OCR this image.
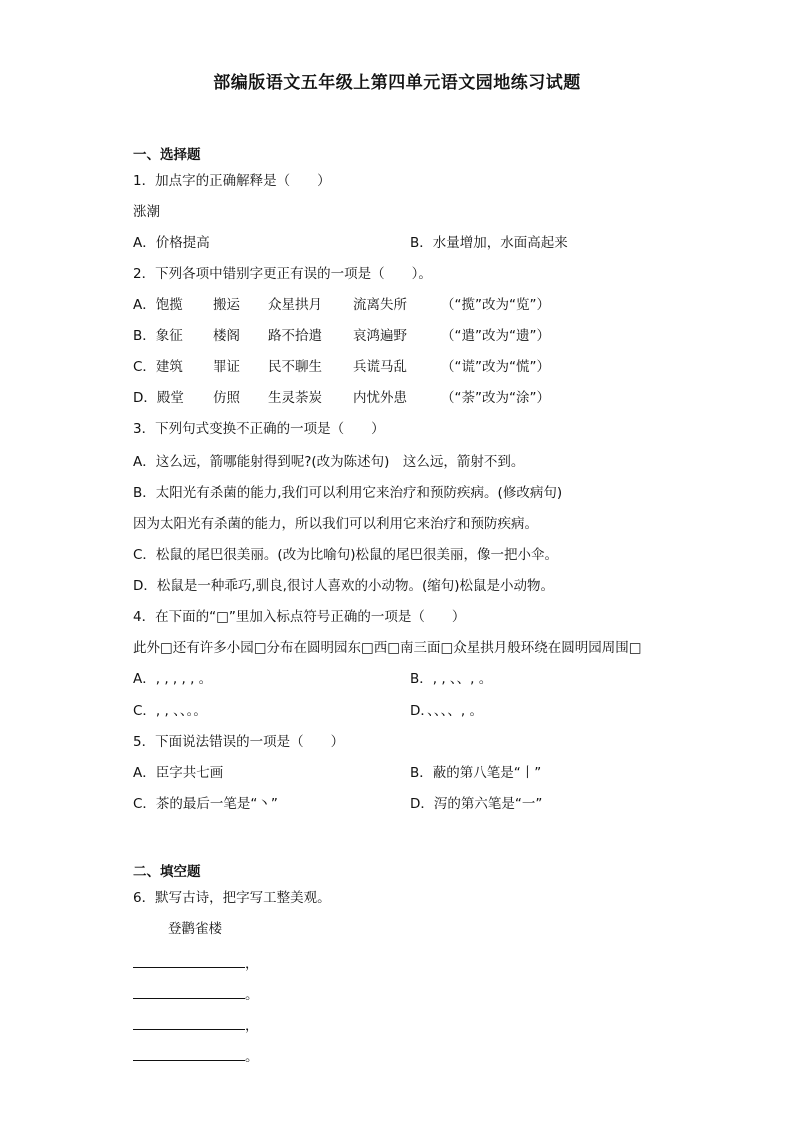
部编版语文五年级上第四单元语文园地练习试题
一、选择题
1．加点字的正确解释是（　　）
涨潮
A．价格提高	B．水量增加，水面高起来
2．下列各项中错别字更正有误的一项是（　　）。
A．饱揽 搬运 众星拱月 流离失所	（“揽”改为“览”）
B．象征 楼阁 路不拾遣 哀鸿遍野	（“遣”改为“遗”）
C．建筑 罪证 民不聊生 兵谎马乱	（“谎”改为“慌”）
D．殿堂 仿照 生灵荼炭 内忧外患	（“荼”改为“涂”）
3．下列句式变换不正确的一项是（　　）
A．这么远，箭哪能射得到呢?(改为陈述句)　这么远，箭射不到。
B．太阳光有杀菌的能力,我们可以利用它来治疗和预防疾病。(修改病句)
因为太阳光有杀菌的能力，所以我们可以利用它来治疗和预防疾病。
C．松鼠的尾巴很美丽。(改为比喻句)松鼠的尾巴很美丽，像一把小伞。
D．松鼠是一种乖巧,驯良,很讨人喜欢的小动物。(缩句)松鼠是小动物。
4．在下面的“□”里加入标点符号正确的一项是（　　）
此外□还有许多小园□分布在圆明园东□西□南三面□众星拱月般环绕在圆明园周围□
A．, , , , , 。	B．, , 、、, 。
C．, , 、、。。	D．、、、、, 。
5．下面说法错误的一项是（　　）
A．臣字共七画	B．蔽的第八笔是“丨”
C．茶的最后一笔是“丶”	D．泻的第六笔是“一”
二、填空题
6．默写古诗，把字写工整美观。
登鹳雀楼
，
。
，
。
